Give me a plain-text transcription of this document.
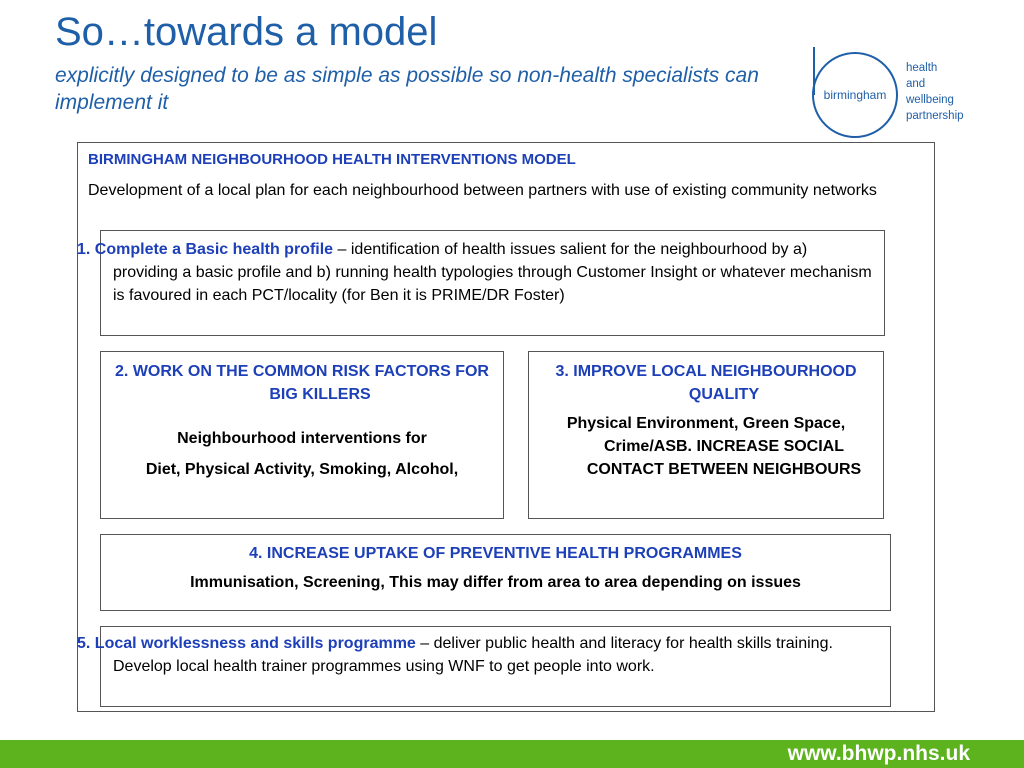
So…towards a model
explicitly designed to be as simple as possible so non-health specialists can implement it	birmingham
health
and
wellbeing
partnership
BIRMINGHAM NEIGHBOURHOOD HEALTH INTERVENTIONS MODEL
Development of a local plan for each neighbourhood between partners with use of existing community networks
1. Complete a Basic health profile – identification of health issues salient for the neighbourhood by a) providing a basic profile and b) running health typologies through Customer Insight or whatever mechanism is favoured in each PCT/locality (for Ben it is PRIME/DR Foster)
2. WORK ON THE COMMON RISK FACTORS FOR BIG KILLERS
Neighbourhood interventions for
Diet, Physical Activity, Smoking, Alcohol,
3. IMPROVE LOCAL NEIGHBOURHOOD QUALITY
Physical Environment, Green Space, Crime/ASB. INCREASE SOCIAL CONTACT BETWEEN NEIGHBOURS
4. INCREASE UPTAKE OF PREVENTIVE HEALTH PROGRAMMES
Immunisation, Screening, This may differ from area to area depending on issues
5. Local worklessness and skills programme – deliver public health and literacy for health skills training. Develop local health trainer programmes using WNF to get people into work.
www.bhwp.nhs.uk
